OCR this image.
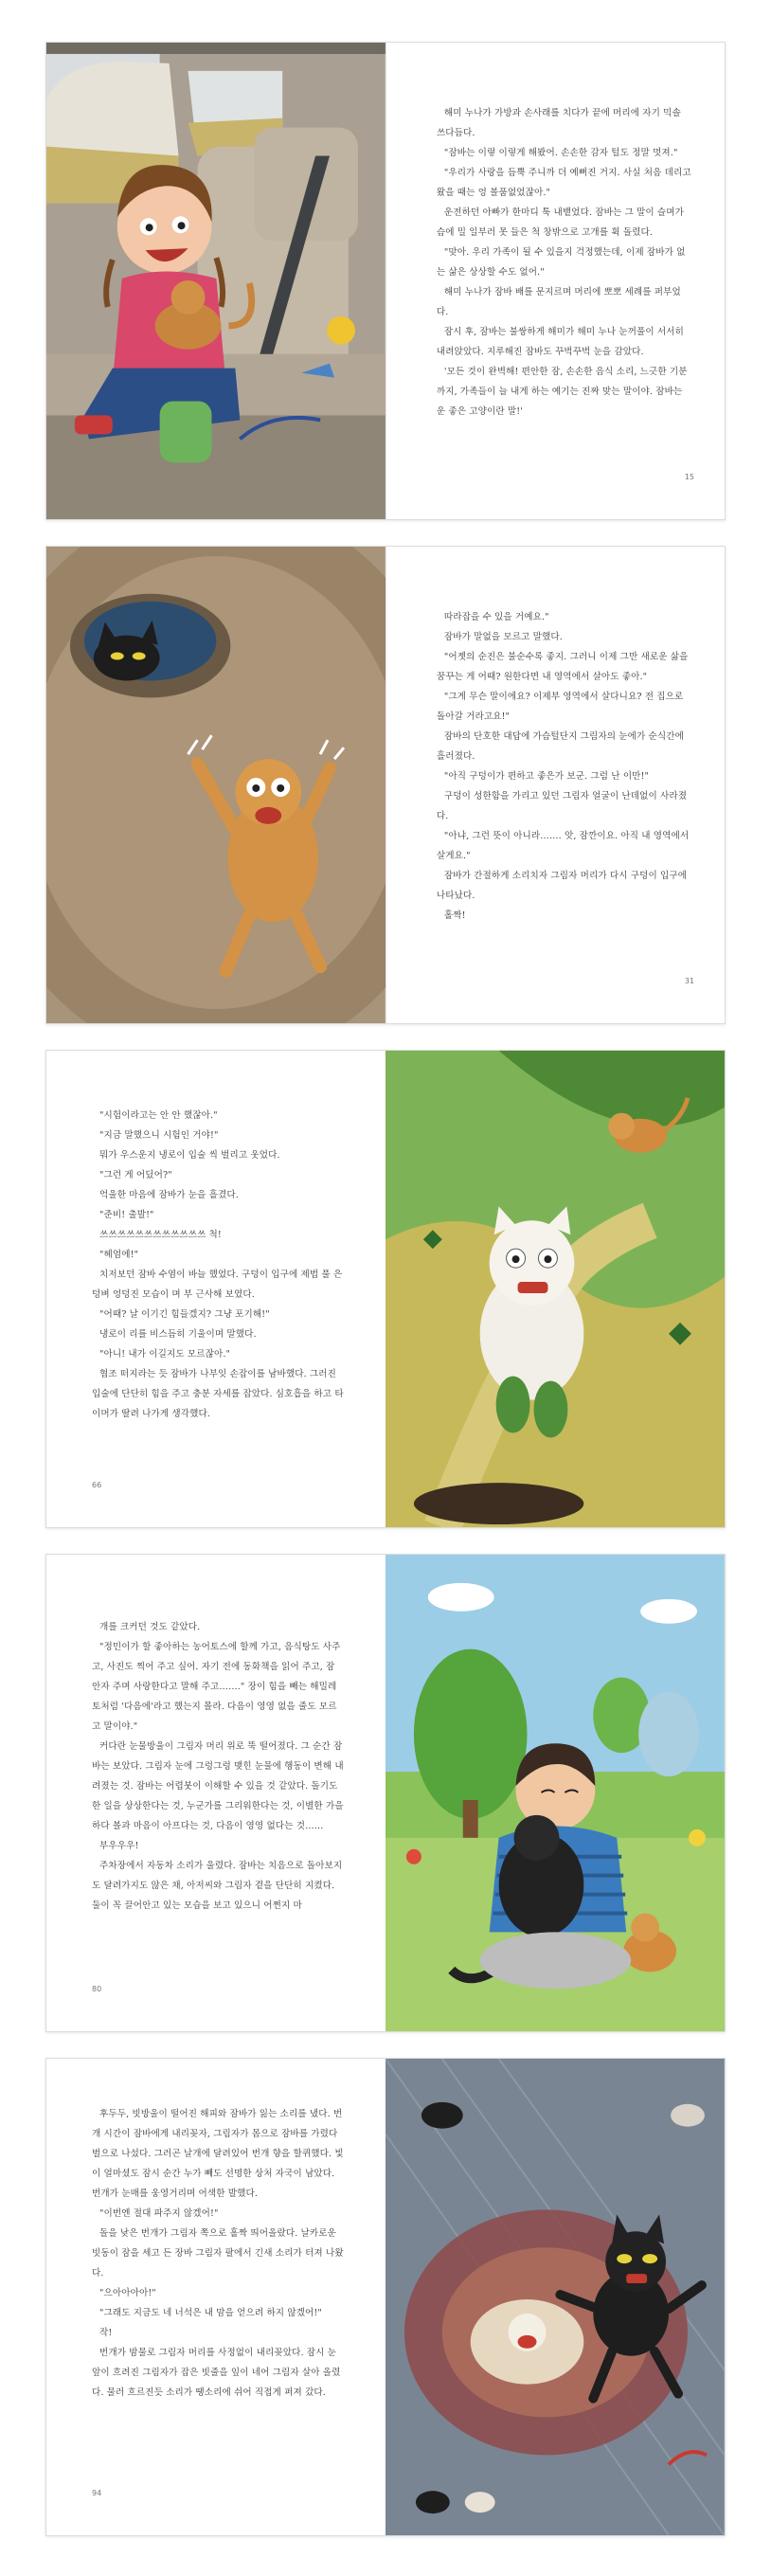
해미 누나가 가방과 손사래를 치다가 끝에 머리에 자기 믹솔 쓰다듬다.

"잠바는 이렇 이렇게 해봤어. 손손한 감자 털도 정말 멋져."

"우리가 사랑을 듬뿍 주니까 더 예뻐진 거지. 사실 처음 데리고 왔을 때는 엉 볼품없었잖아."

운전하던 아빠가 한마디 툭 내뱉었다. 잠바는 그 말이 슬며가슴에 밀 일부러 못 들은 척 창밖으로 고개를 휙 돌렸다.

"맞아. 우리 가족이 될 수 있을지 걱정했는데, 이제 잠바가 없는 삶은 상상할 수도 없어."

해미 누나가 잠바 배를 문지르며 머리에 뽀뽀 세례를 퍼부었다.

잠시 후, 잠바는 불쌍하게 해미가 해미 누나 눈꺼풀이 서서히 내려앉았다. 지루해진 잠바도 꾸벅꾸벅 눈을 감았다.

'모든 것이 완벽해! 편안한 잠, 손손한 음식 소리, 느긋한 기분까지, 가족들이 늘 내게 하는 예기는 진짜 맞는 말이야. 잠바는 운 좋은 고양이란 말!'

15

따라잡을 수 있을 거예요."

잠바가 말없을 모르고 말했다.

"어젯의 순진은 불순수록 좋지. 그러니 이제 그만 새로운 삶을 꿈꾸는 게 어때? 원한다면 내 영역에서 살아도 좋아."

"그게 무슨 말이에요? 이제부 영역에서 살다니요? 전 집으로 돌아갈 거라고요!"

잠바의 단호한 대답에 가슴털단지 그림자의 눈에가 순식간에 흘러졌다.

"아직 구덩이가 편하고 좋은가 보군. 그럼 난 이만!"

구덩이 성한함을 가리고 있던 그림자 얼굴이 난데없이 사라졌다.

"아냐, 그런 뜻이 아니라……. 앗, 잠깐이요. 아직 내 영역에서 살게요."

잠바가 간절하게 소리치자 그림자 머리가 다시 구덩이 입구에 나타났다.

홀짝!

31

"시험이라고는 안 안 했잖아."

"지금 말했으니 시험인 거야!"

뭐가 우스운지 냉로이 입술 씩 벌리고 웃었다.

"그런 게 어딨어?"

억울한 마음에 잠바가 눈을 흘겼다.

"준비! 출발!"

쓰쓰쓰쓰쓰쓰쓰쓰쓰쓰쓰쓰 척!

"헤엄에!"

치저보던 잠바 수염이 바늘 했었다. 구덩이 입구에 제법 풀 은 덩벼 엉덩진 모습이 며 부 근사해 보였다.

"어때? 날 이기긴 힘들겠지? 그냥 포기해!"

냉로이 리를 비스듬히 기울이며 말했다.

"아니! 내가 이길지도 모르잖아."

협조 떠지라는 듯 잠바가 나부잇 손잡이를 남바했다. 그러진 입술에 단단히 힘을 주고 충분 자세를 잡았다. 심호흡을 하고 타이머가 딸려 나가게 생각했다.

66

개를 크커던 것도 같았다.

"정민이가 할 좋아하는 농어토스에 할께 가고, 음식탕도 사주고, 사진도 찍어 주고 싶어. 자기 전에 동화책을 읽어 주고, 잠 안자 주며 사랑한다고 말해 주고……." 장이 힘을 빼는 해밀레토처럼 '다음에'라고 했는지 몰라. 다음이 영영 없을 줄도 모르고 말이야."

커다란 눈물방울이 그림자 머리 위로 뚝 떨어졌다. 그 순간 잠바는 보았다. 그림자 눈에 그렁그렁 맺힌 눈물에 행동이 변해 내려졌는 것. 잠바는 어렵붓이 이해할 수 있을 것 같았다. 돌기도한 일을 상상한다는 것, 누군가를 그리워한다는 것, 이별한 가을하다 볼과 마음이 아프다는 것, 다음이 영영 없다는 것……

부우우우!

주차장에서 자동차 소리가 울렸다. 잠바는 치음으로 돌아보지도 달려가지도 않은 채, 아저씨와 그림자 곁을 단단히 지켰다. 둘이 꼭 끌어안고 있는 모습을 보고 있으니 어쩐지 마

80

후두두, 빗방울이 떨어진 해피와 잠바가 잃는 소리를 냈다. 번개 시간이 잠바에게 내리꽂자, 그림자가 몸으로 잠바를 가렸다 벌으로 나섰다. 그러곤 날개에 달려있어 번개 향을 할퀴했다. 빛이 얼마셨도 잠시 순간 누가 빼도 선명한 상처 자국이 남았다. 번개가 눈매를 웅영거리며 어색한 발했다.

"이번엔 절대 파주지 않겠어!"

돌을 낮은 번개가 그림자 쪽으로 홀짝 띄어올랐다. 날카로운 빗동이 잠을 세고 든 장바 그림자 팔에서 긴새 소리가 터져 나왔다.

"으아아아아!"

"그래도 지금도 네 너석은 내 맘을 얻으려 하지 않겠어!"

작!

번개가 밤물로 그림자 머리를 사정없이 내리꽂았다. 잠시 눈앞이 흐려진 그림자가 잡은 빗줄을 잎이 네어 그림자 살아 올렸다. 물러 흐르진듯 소리가 땡소리에 쉬어 직접게 퍼져 갔다.

94
